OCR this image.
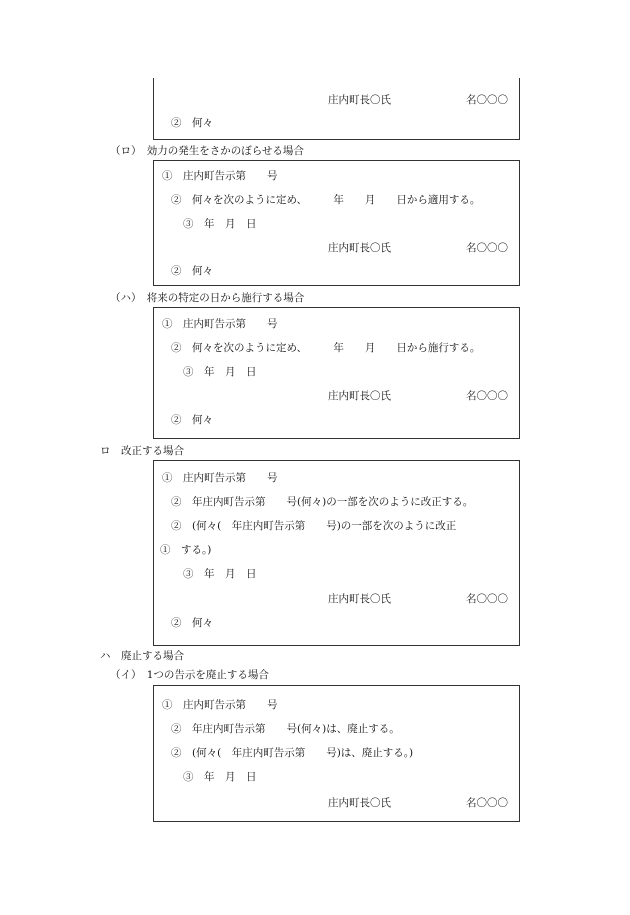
庄内町長〇氏	名〇〇〇
②　何々
（ロ）　効力の発生をさかのぼらせる場合
①　庄内町告示第　　号
②　何々を次のように定め、　　　年　　月　　日から適用する。
③　年　月　日
庄内町長〇氏	名〇〇〇
②　何々
（ハ）　将来の特定の日から施行する場合
①　庄内町告示第　　号
②　何々を次のように定め、　　　年　　月　　日から施行する。
③　年　月　日
庄内町長〇氏	名〇〇〇
②　何々
ロ　改正する場合
①　庄内町告示第　　号
②　年庄内町告示第　　号(何々)の一部を次のように改正する。
②　(何々(　年庄内町告示第　　号)の一部を次のように改正
①　する。)
③　年　月　日
庄内町長〇氏	名〇〇〇
②　何々
ハ　廃止する場合
（イ）　1つの告示を廃止する場合
①　庄内町告示第　　号
②　年庄内町告示第　　号(何々)は、廃止する。
②　(何々(　年庄内町告示第　　号)は、廃止する。)
③　年　月　日
庄内町長〇氏	名〇〇〇
